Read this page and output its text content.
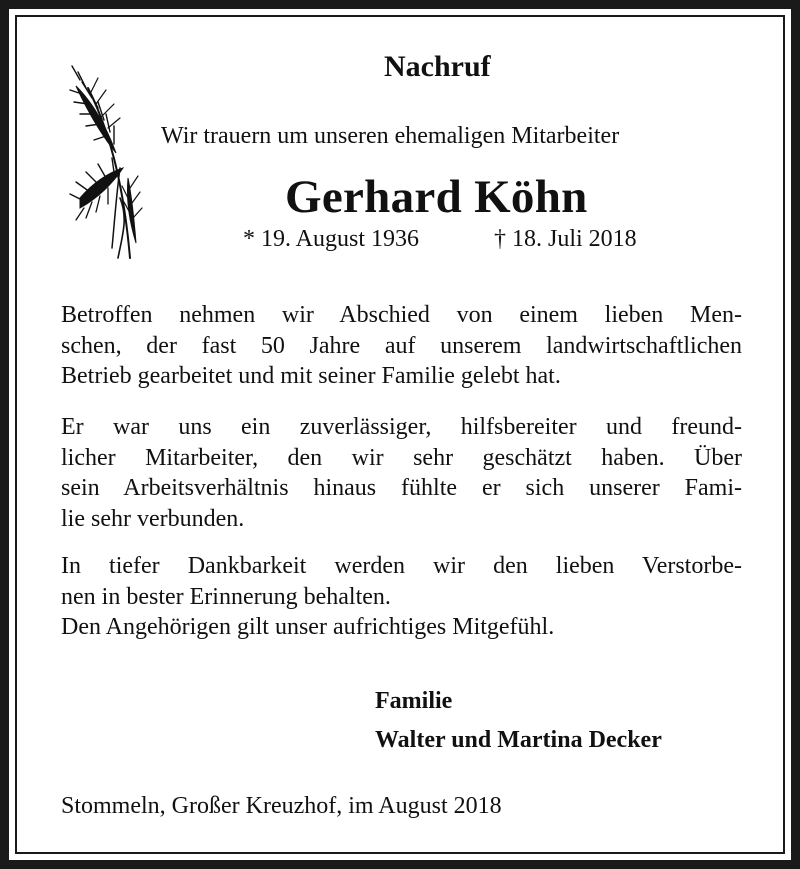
Nachruf
Wir trauern um unseren ehemaligen Mitarbeiter
Gerhard Köhn
* 19. August 1936	† 18. Juli 2018
Betroffen nehmen wir Abschied von einem lieben Men-
schen, der fast 50 Jahre auf unserem landwirtschaftlichen
Betrieb gearbeitet und mit seiner Familie gelebt hat.
Er war uns ein zuverlässiger, hilfsbereiter und freund-
licher Mitarbeiter, den wir sehr geschätzt haben. Über
sein Arbeitsverhältnis hinaus fühlte er sich unserer Fami-
lie sehr verbunden.
In tiefer Dankbarkeit werden wir den lieben Verstorbe-
nen in bester Erinnerung behalten.
Den Angehörigen gilt unser aufrichtiges Mitgefühl.
Familie
Walter und Martina Decker
Stommeln, Großer Kreuzhof, im August 2018
